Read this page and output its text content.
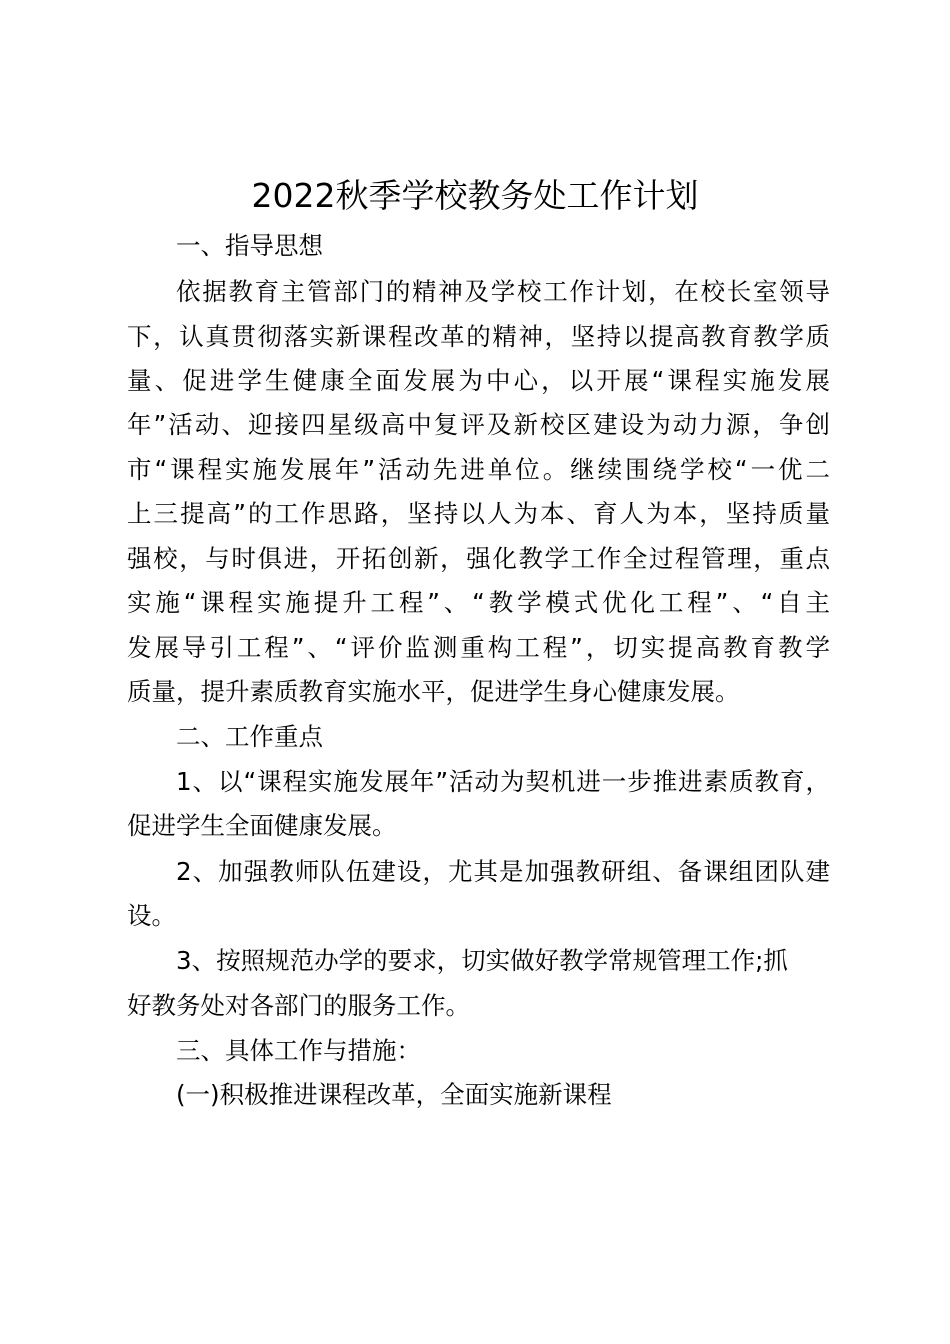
2022秋季学校教务处工作计划
一、指导思想
依据教育主管部门的精神及学校工作计划，在校长室领导
下，认真贯彻落实新课程改革的精神，坚持以提高教育教学质
量、促进学生健康全面发展为中心，以开展“课程实施发展
年”活动、迎接四星级高中复评及新校区建设为动力源，争创
市“课程实施发展年”活动先进单位。继续围绕学校“一优二
上三提高”的工作思路，坚持以人为本、育人为本，坚持质量
强校，与时俱进，开拓创新，强化教学工作全过程管理，重点
实施“课程实施提升工程”、“教学模式优化工程”、“自主
发展导引工程”、“评价监测重构工程”，切实提高教育教学
质量，提升素质教育实施水平，促进学生身心健康发展。
二、工作重点
1、以“课程实施发展年”活动为契机进一步推进素质教育，
促进学生全面健康发展。
2、加强教师队伍建设，尤其是加强教研组、备课组团队建
设。
3、按照规范办学的要求，切实做好教学常规管理工作;抓
好教务处对各部门的服务工作。
三、具体工作与措施：
(一)积极推进课程改革，全面实施新课程
